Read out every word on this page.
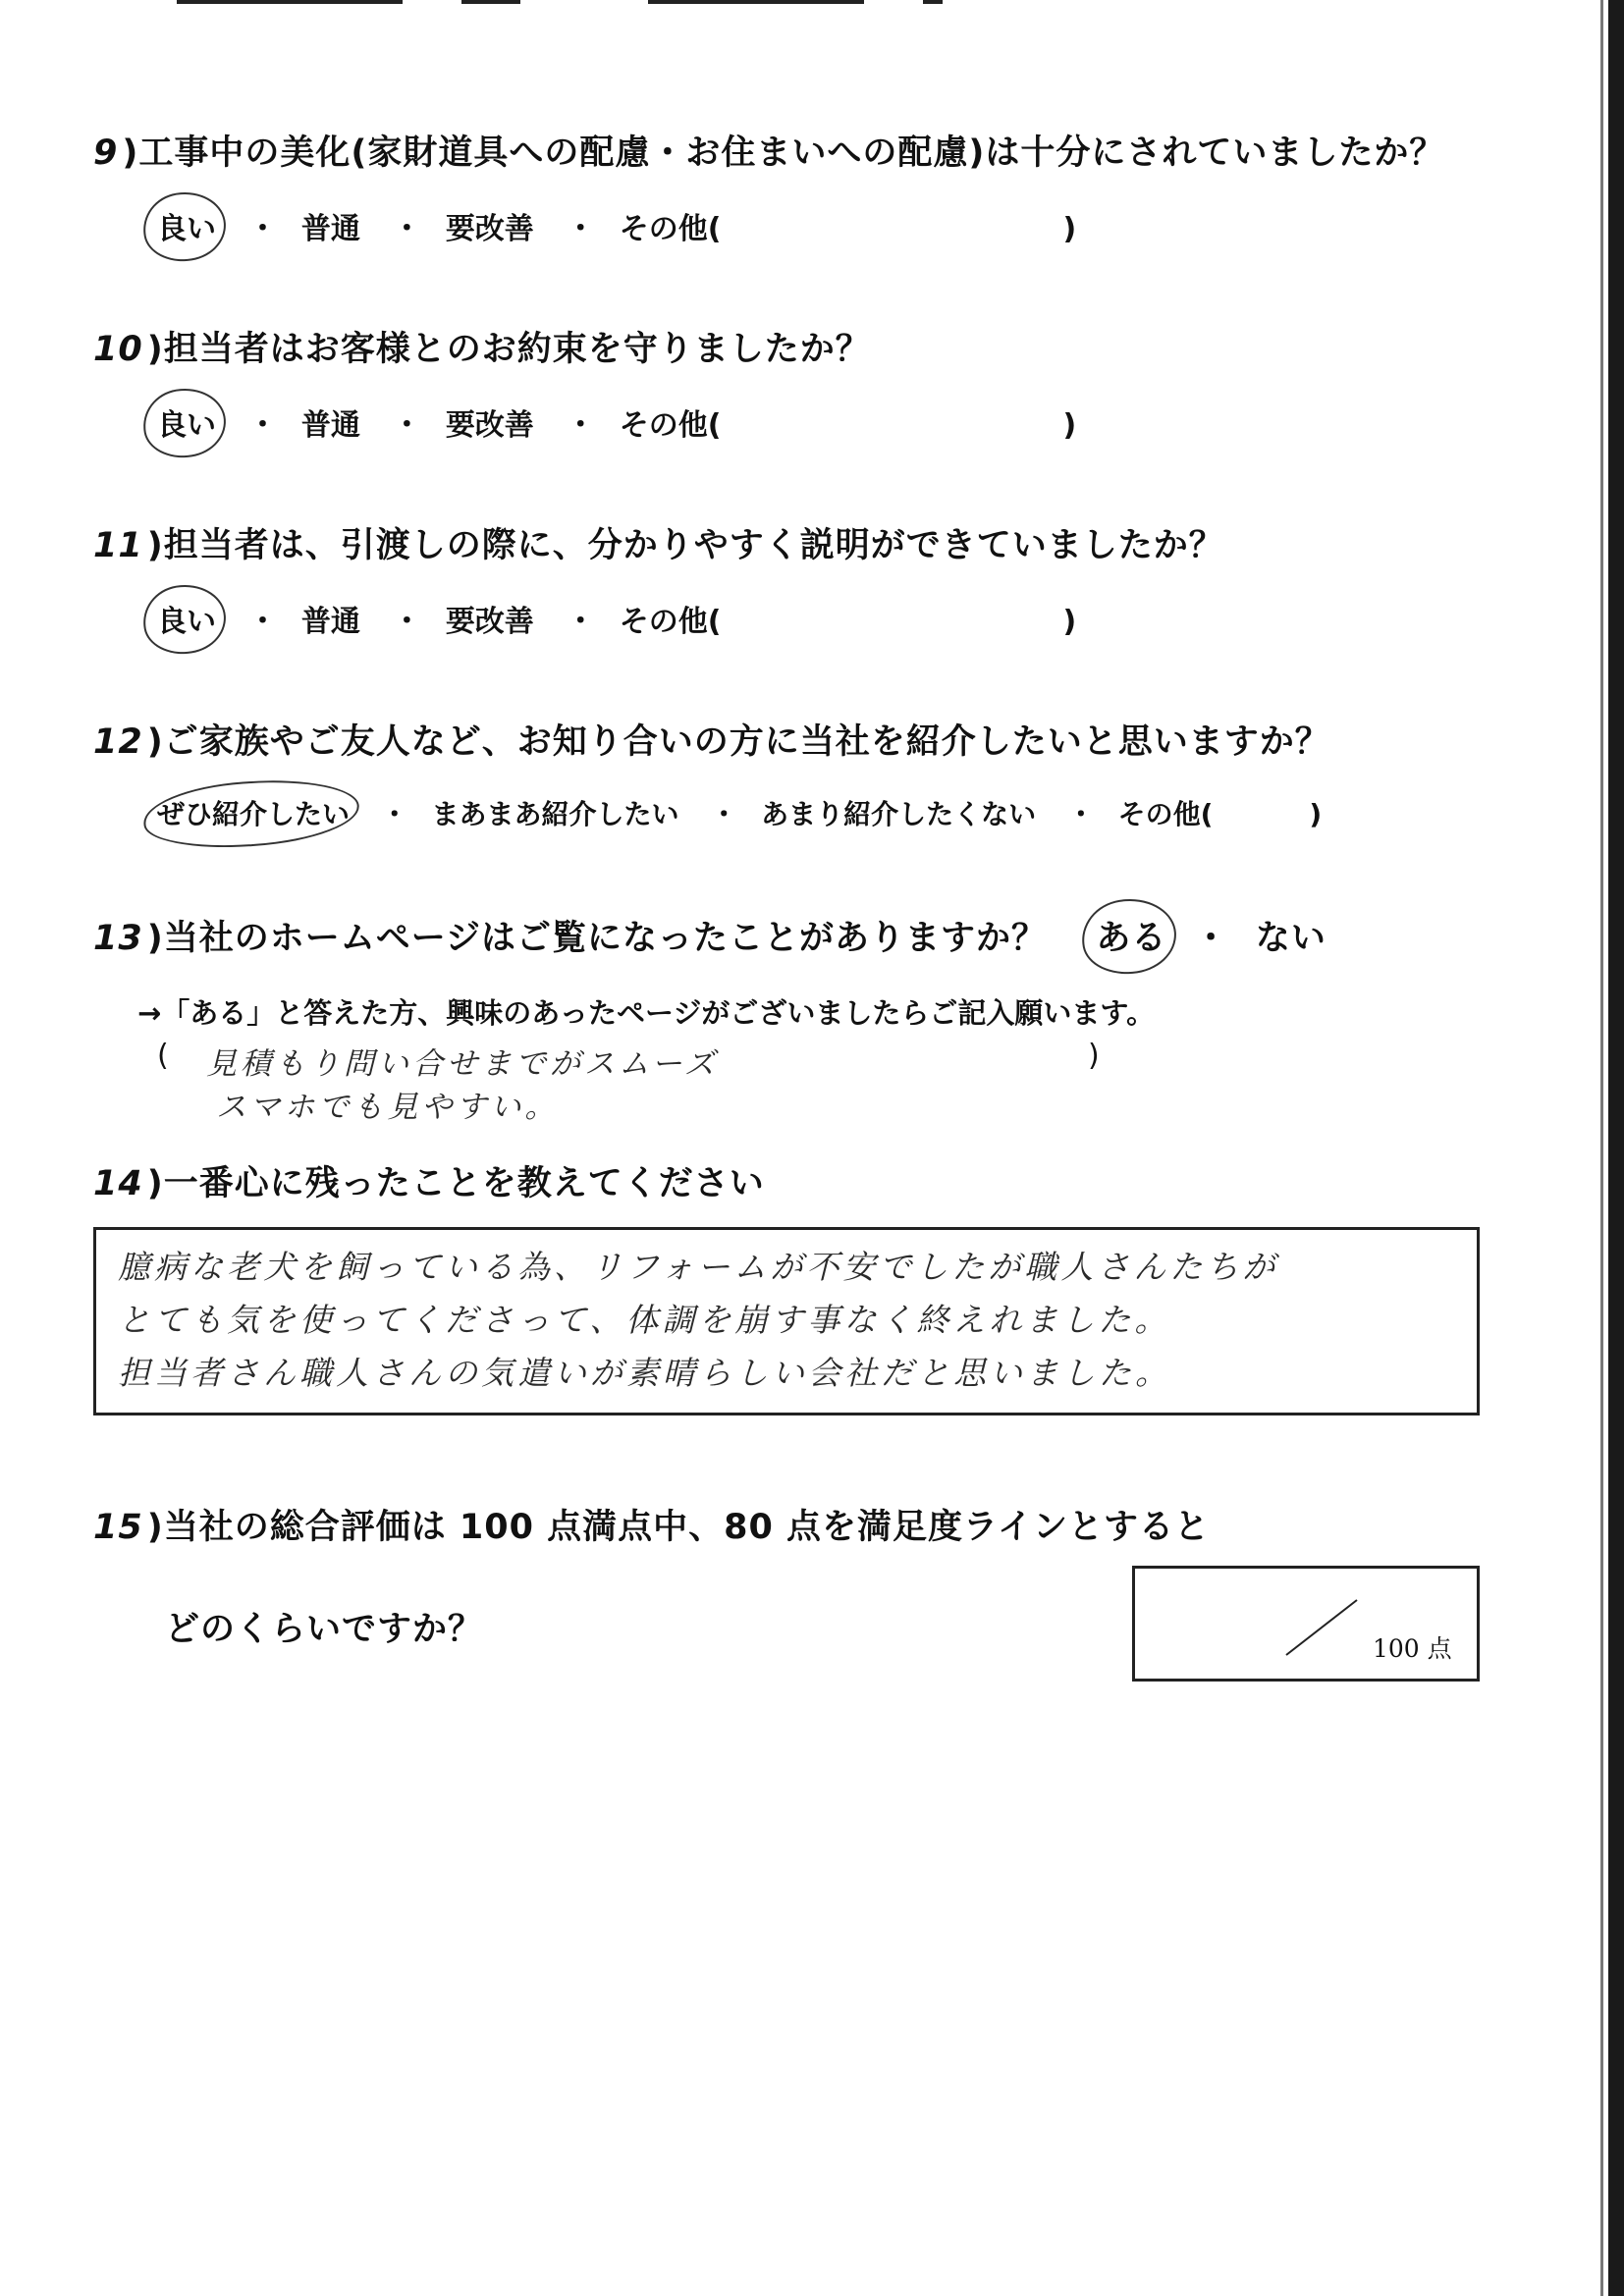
9 )工事中の美化(家財道具への配慮・お住まいへの配慮)は十分にされていましたか？
良い ・ 普通 ・ 要改善 ・ その他(	)
10 )担当者はお客様とのお約束を守りましたか？
良い ・ 普通 ・ 要改善 ・ その他(	)
11 )担当者は、引渡しの際に、分かりやすく説明ができていましたか？
良い ・ 普通 ・ 要改善 ・ その他(	)
12 )ご家族やご友人など、お知り合いの方に当社を紹介したいと思いますか？
ぜひ紹介したい ・ まあまあ紹介したい ・ あまり紹介したくない ・ その他(	)
13 )当社のホームページはご覧になったことがありますか？ ある ・ ない
→「ある」と答えた方、興味のあったページがございましたらご記入願います。
( 見積もり問い合せまでがスムーズ	)
スマホでも見やすい。
14 )一番心に残ったことを教えてください
臆病な老犬を飼っている為、リフォームが不安でしたが職人さんたちが
とても気を使ってくださって、体調を崩す事なく終えれました。
担当者さん職人さんの気遣いが素晴らしい会社だと思いました。
15 )当社の総合評価は 100 点満点中、80 点を満足度ラインとすると
どのくらいですか？	100 点
